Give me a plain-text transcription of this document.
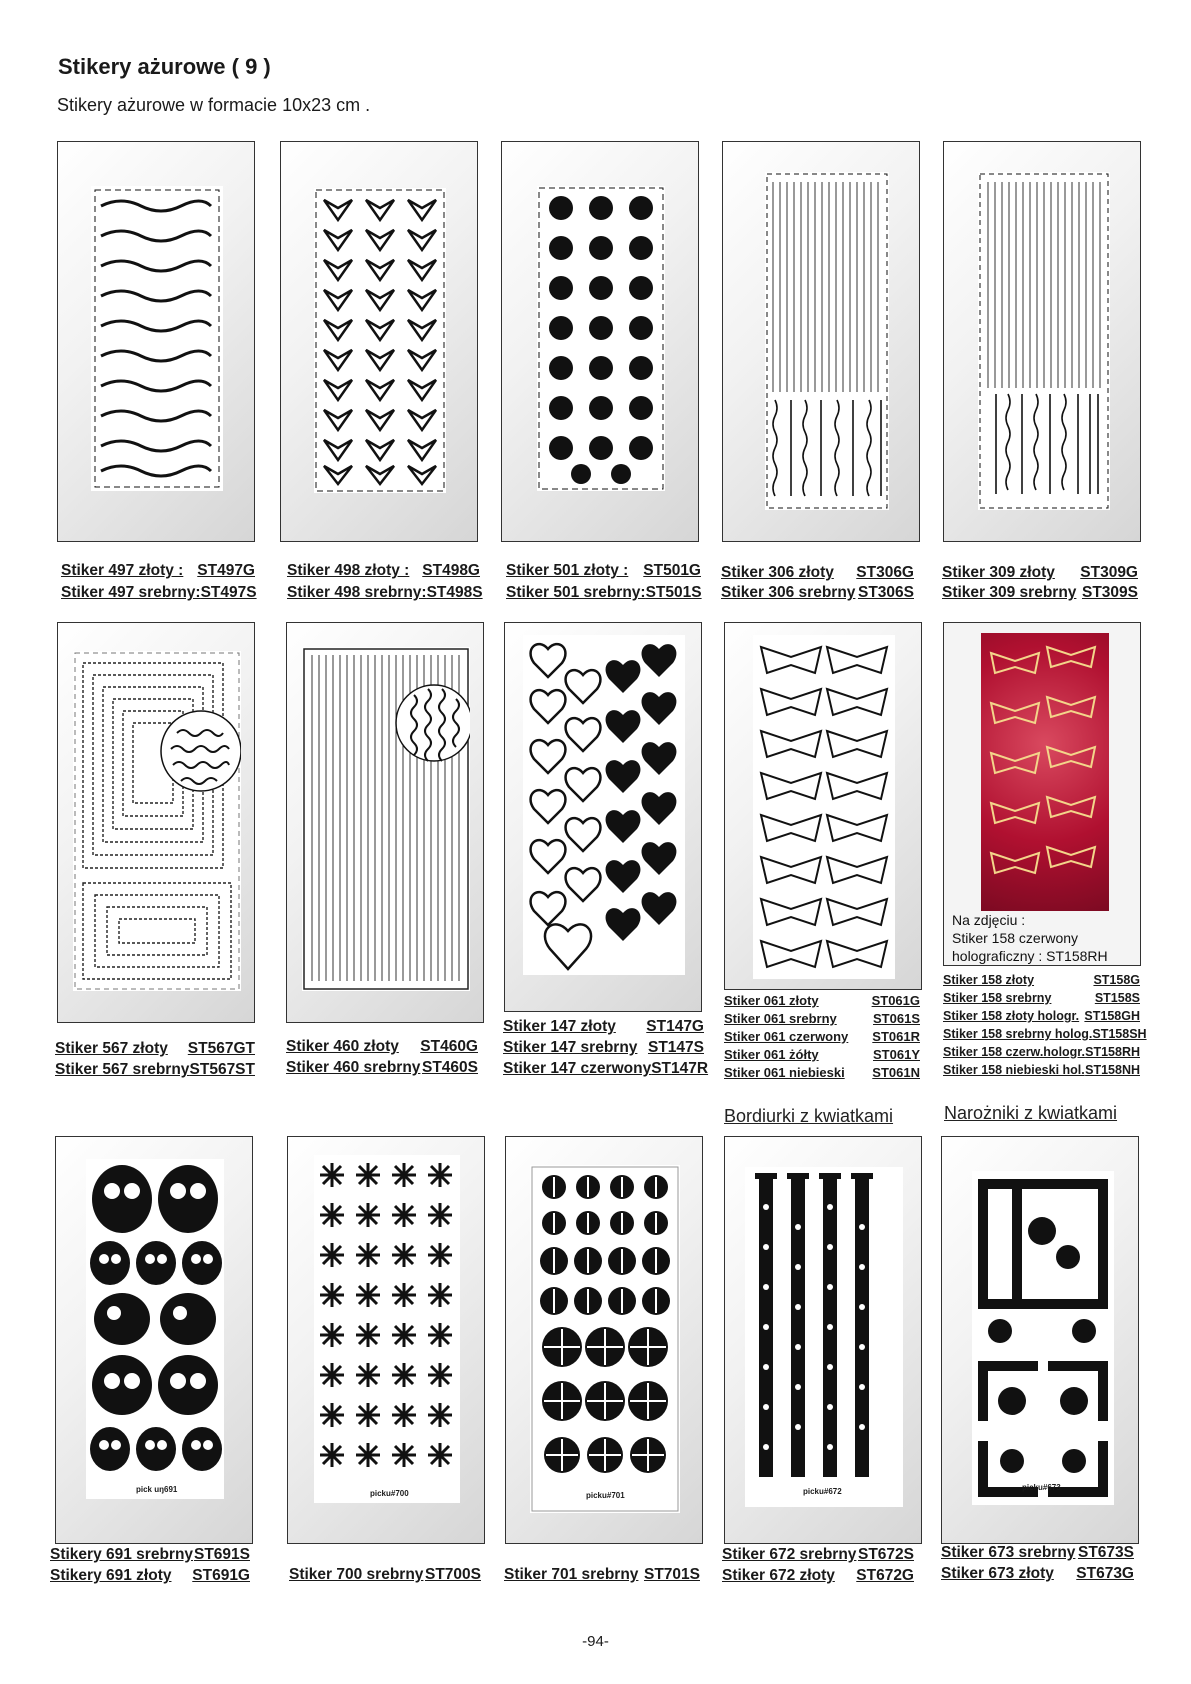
Stikery ażurowe ( 9 )
Stikery ażurowe w formacie 10x23 cm .
Stiker 497 złoty : ST497G
Stiker 497 srebrny: ST497S
Stiker 498 złoty : ST498G
Stiker 498 srebrny: ST498S
Stiker 501 złoty : ST501G
Stiker 501 srebrny: ST501S
Stiker 306 złoty ST306G
Stiker 306 srebrny ST306S
Stiker 309 złoty ST309G
Stiker 309 srebrny ST309S
Na zdjęciu :
Stiker 158 czerwony
holograficzny : ST158RH
Stiker 567 złoty ST567GT
Stiker 567 srebrny ST567ST
Stiker 460 złoty ST460G
Stiker 460 srebrny ST460S
Stiker 147 złoty ST147G
Stiker 147 srebrny ST147S
Stiker 147 czerwony ST147R
Stiker 061 złoty	ST061G
Stiker 061 srebrny	ST061S
Stiker 061 czerwony ST061R
Stiker 061 żółty	ST061Y
Stiker 061 niebieski ST061N
Stiker 158 złoty	ST158G
Stiker 158 srebrny	ST158S
Stiker 158 złoty hologr. ST158GH
Stiker 158 srebrny holog. ST158SH
Stiker 158 czerw.hologr. ST158RH
Stiker 158 niebieski hol. ST158NH
Bordiurki z kwiatkami	Narożniki z kwiatkami
pick uŋ691	picku#700	picku#701	picku#672	picku#673
Stikery 691 srebrny ST691S
Stikery 691 złoty ST691G	Stiker 700 srebrny ST700S Stiker 701 srebrny ST701S
Stiker 672 srebrny ST672S
Stiker 672 złoty ST672G
Stiker 673 srebrny ST673S
Stiker 673 złoty ST673G
-94-
